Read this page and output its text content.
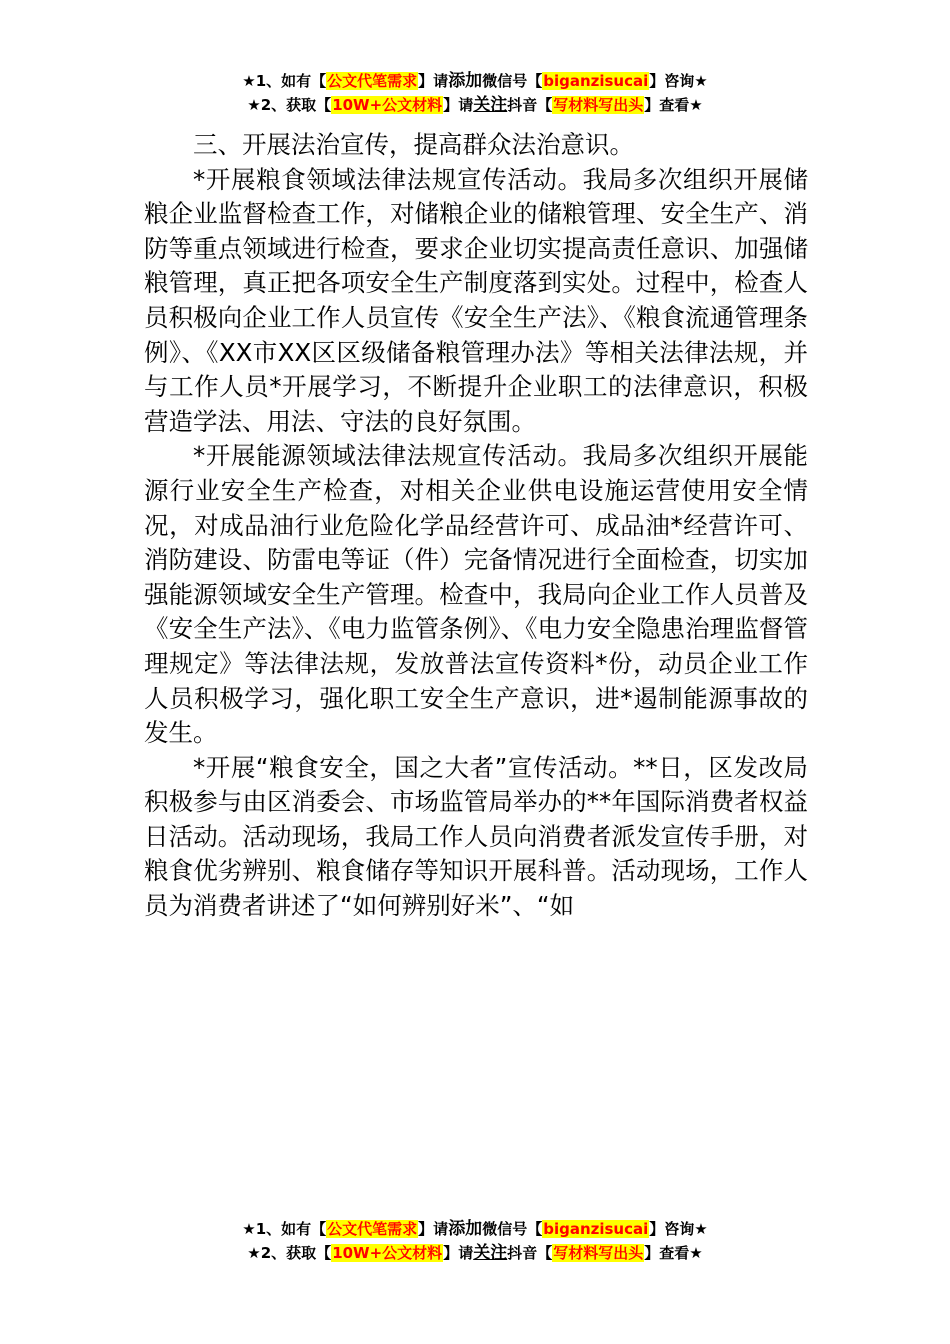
★1、如有【公文代笔需求】请添加微信号【biganzisucai】咨询★
★2、获取【10W+公文材料】请关注抖音【写材料写出头】查看★

三、开展法治宣传，提高群众法治意识。

*开展粮食领域法律法规宣传活动。我局多次组织开展储粮企业监督检查工作，对储粮企业的储粮管理、安全生产、消防等重点领域进行检查，要求企业切实提高责任意识、加强储粮管理，真正把各项安全生产制度落到实处。过程中，检查人员积极向企业工作人员宣传《安全生产法》、《粮食流通管理条例》、《XX市XX区区级储备粮管理办法》等相关法律法规，并与工作人员*开展学习，不断提升企业职工的法律意识，积极营造学法、用法、守法的良好氛围。

*开展能源领域法律法规宣传活动。我局多次组织开展能源行业安全生产检查，对相关企业供电设施运营使用安全情况，对成品油行业危险化学品经营许可、成品油*经营许可、消防建设、防雷电等证（件）完备情况进行全面检查，切实加强能源领域安全生产管理。检查中，我局向企业工作人员普及《安全生产法》、《电力监管条例》、《电力安全隐患治理监督管理规定》等法律法规，发放普法宣传资料*份，动员企业工作人员积极学习，强化职工安全生产意识，进*遏制能源事故的发生。

*开展“粮食安全，国之大者”宣传活动。**日，区发改局积极参与由区消委会、市场监管局举办的**年国际消费者权益日活动。活动现场，我局工作人员向消费者派发宣传手册，对粮食优劣辨别、粮食储存等知识开展科普。活动现场，工作人员为消费者讲述了“如何辨别好米”、“如

★1、如有【公文代笔需求】请添加微信号【biganzisucai】咨询★
★2、获取【10W+公文材料】请关注抖音【写材料写出头】查看★
